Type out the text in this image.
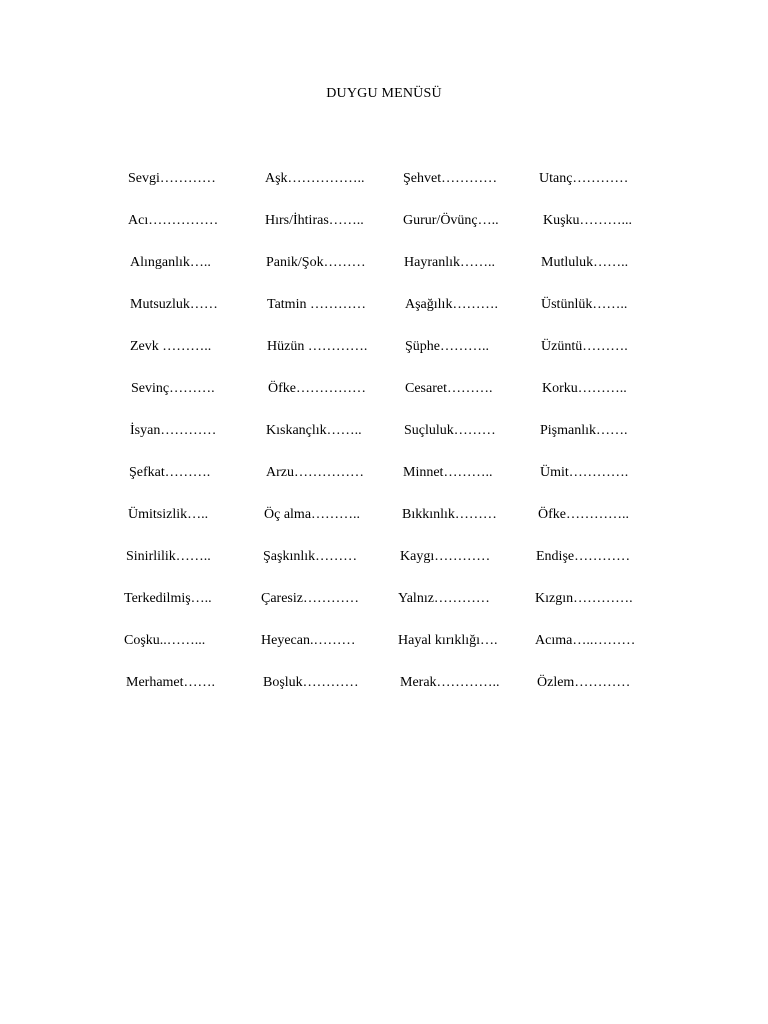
DUYGU MENÜSÜ
Sevgi…………	Aşk……………..	Şehvet…………	Utanç…………
Acı……………	Hırs/İhtiras……..	Gurur/Övünç…..	Kuşku………...
Alınganlık…..	Panik/Şok………	Hayranlık……..	Mutluluk……..
Mutsuzluk……	Tatmin …………	Aşağılık……….	Üstünlük……..
Zevk ………..	Hüzün ………….	Şüphe………..	Üzüntü……….
Sevinç……….	Öfke……………	Cesaret……….	Korku………..
İsyan…………	Kıskançlık……..	Suçluluk………	Pişmanlık…….
Şefkat……….	Arzu……………	Minnet………..	Ümit………….
Ümitsizlik…..	Öç alma………..	Bıkkınlık………	Öfke…………..
Sinirlilik……..	Şaşkınlık………	Kaygı…………	Endişe…………
Terkedilmiş…..	Çaresiz…………	Yalnız…………	Kızgın………….
Coşku..……...	Heyecan.………	Hayal kırıklığı….	Acıma…..………
Merhamet…….	Boşluk…………	Merak…………..	Özlem…………
